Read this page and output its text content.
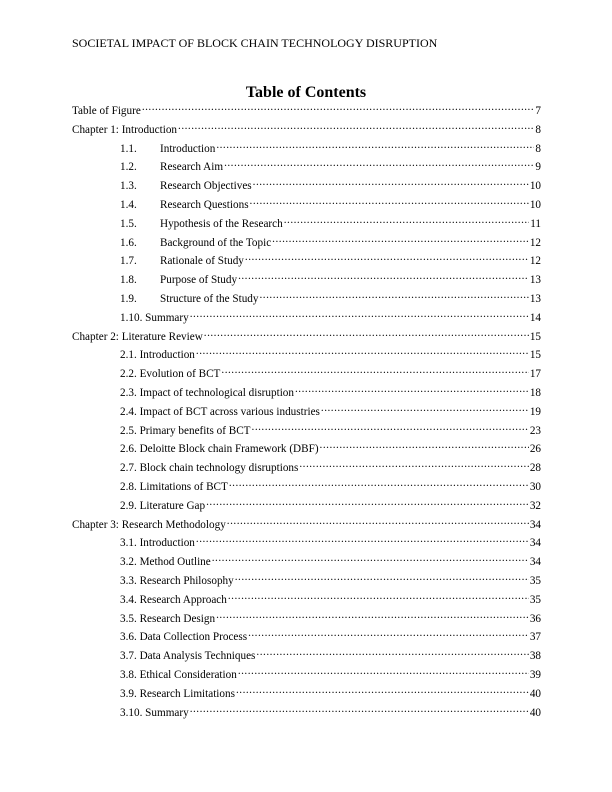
SOCIETAL IMPACT OF BLOCK CHAIN TECHNOLOGY DISRUPTION
Table of Contents
Table of Figure .....	7
Chapter 1: Introduction .....	8
1.1.	Introduction .....	8
1.2.	Research Aim .....	9
1.3.	Research Objectives .....	10
1.4.	Research Questions .....	10
1.5.	Hypothesis of the Research .....	11
1.6.	Background of the Topic .....	12
1.7.	Rationale of Study .....	12
1.8.	Purpose of Study .....	13
1.9.	Structure of the Study .....	13
1.10. Summary .....	14
Chapter 2: Literature Review .....	15
2.1. Introduction .....	15
2.2. Evolution of BCT .....	17
2.3. Impact of technological disruption .....	18
2.4. Impact of BCT across various industries .....	19
2.5. Primary benefits of BCT .....	23
2.6. Deloitte Block chain Framework (DBF) .....	26
2.7. Block chain technology disruptions .....	28
2.8. Limitations of BCT .....	30
2.9. Literature Gap .....	32
Chapter 3: Research Methodology .....	34
3.1. Introduction .....	34
3.2. Method Outline .....	34
3.3. Research Philosophy .....	35
3.4. Research Approach .....	35
3.5. Research Design .....	36
3.6. Data Collection Process .....	37
3.7. Data Analysis Techniques .....	38
3.8. Ethical Consideration .....	39
3.9. Research Limitations .....	40
3.10. Summary .....	40
